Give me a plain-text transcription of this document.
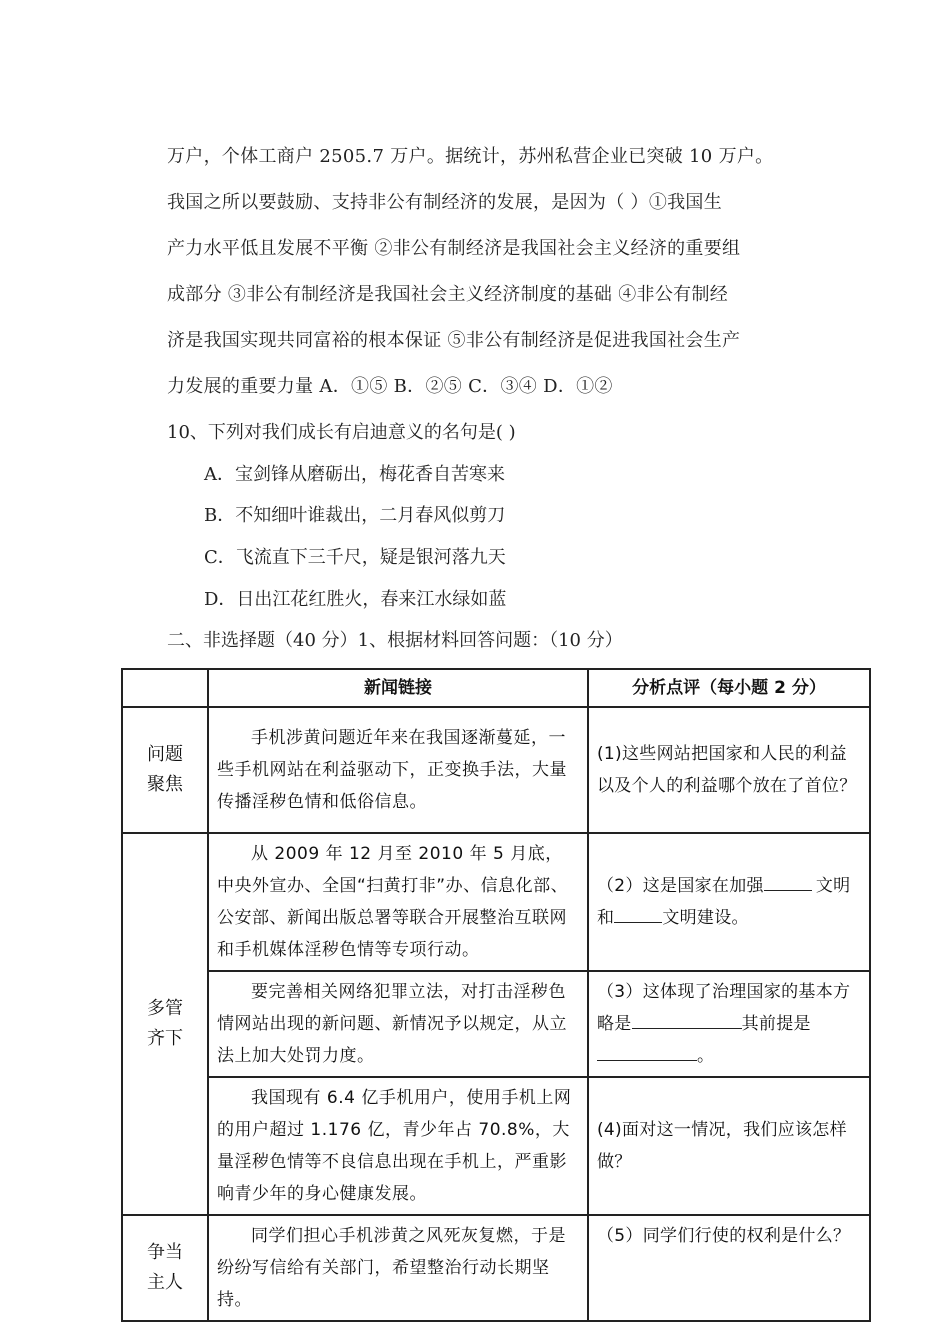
万户，个体工商户 2505.7 万户。据统计，苏州私营企业已突破 10 万户。
我国之所以要鼓励、支持非公有制经济的发展，是因为（ ）①我国生
产力水平低且发展不平衡 ②非公有制经济是我国社会主义经济的重要组
成部分 ③非公有制经济是我国社会主义经济制度的基础 ④非公有制经
济是我国实现共同富裕的根本保证 ⑤非公有制经济是促进我国社会生产
力发展的重要力量 A．①⑤ B．②⑤ C．③④ D．①②
10、下列对我们成长有启迪意义的名句是( )
A．宝剑锋从磨砺出，梅花香自苦寒来
B．不知细叶谁裁出，二月春风似剪刀
C．飞流直下三千尺，疑是银河落九天
D．日出江花红胜火，春来江水绿如蓝
二、非选择题（40 分）1、根据材料回答问题：（10 分）
	新闻链接	分析点评（每小题 2 分）

问题聚焦	手机涉黄问题近年来在我国逐渐蔓延，一些手机网站在利益驱动下，正变换手法，大量传播淫秽色情和低俗信息。	(1)这些网站把国家和人民的利益以及个人的利益哪个放在了首位？

多管齐下	从 2009 年 12 月至 2010 年 5 月底，中央外宣办、全国“扫黄打非”办、信息化部、公安部、新闻出版总署等联合开展整治互联网和手机媒体淫秽色情等专项行动。	（2）这是国家在加强 文明和 文明建设。
	要完善相关网络犯罪立法，对打击淫秽色情网站出现的新问题、新情况予以规定，从立法上加大处罚力度。	（3）这体现了治理国家的基本方略是 其前提是。
	我国现有 6.4 亿手机用户，使用手机上网的用户超过 1.176 亿，青少年占 70.8%，大量淫秽色情等不良信息出现在手机上，严重影响青少年的身心健康发展。	(4)面对这一情况，我们应该怎样做？

争当主人	同学们担心手机涉黄之风死灰复燃，于是纷纷写信给有关部门，希望整治行动长期坚持。	（5）同学们行使的权利是什么？
